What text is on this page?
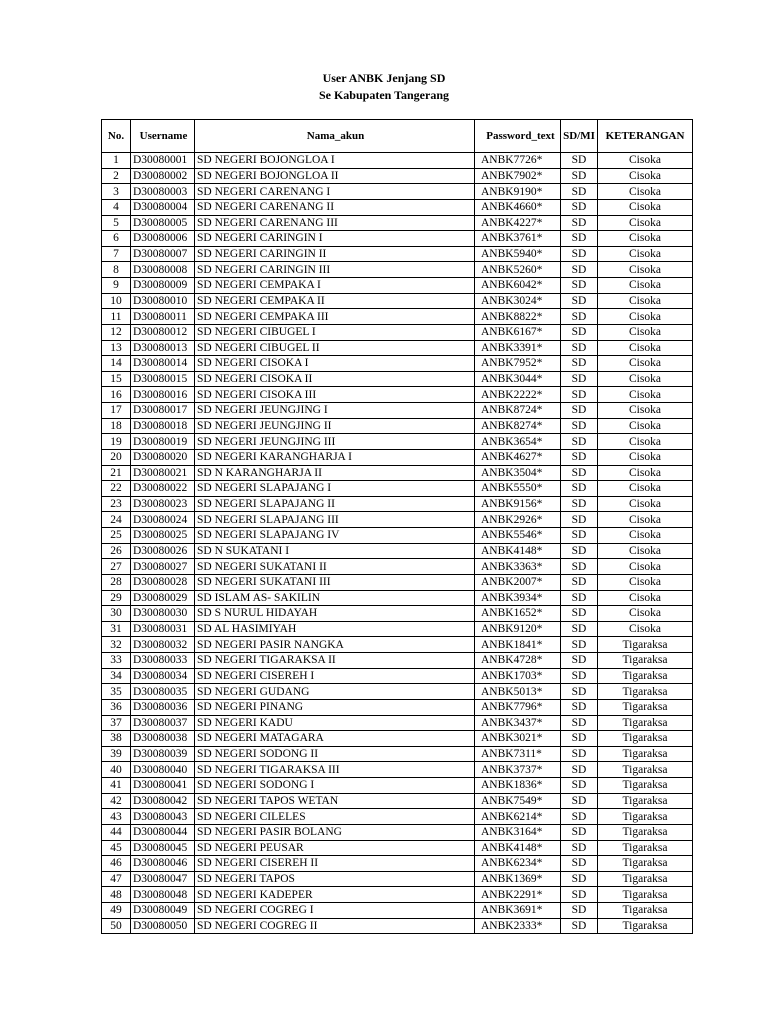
User ANBK Jenjang SD
Se Kabupaten Tangerang
No.	Username	Nama_akun	Password_text	SD/MI	KETERANGAN
1	D30080001	SD NEGERI BOJONGLOA I	ANBK7726*	SD	Cisoka
2	D30080002	SD NEGERI BOJONGLOA II	ANBK7902*	SD	Cisoka
3	D30080003	SD NEGERI CARENANG I	ANBK9190*	SD	Cisoka
4	D30080004	SD NEGERI CARENANG II	ANBK4660*	SD	Cisoka
5	D30080005	SD NEGERI CARENANG III	ANBK4227*	SD	Cisoka
6	D30080006	SD NEGERI CARINGIN I	ANBK3761*	SD	Cisoka
7	D30080007	SD NEGERI CARINGIN II	ANBK5940*	SD	Cisoka
8	D30080008	SD NEGERI CARINGIN III	ANBK5260*	SD	Cisoka
9	D30080009	SD NEGERI CEMPAKA I	ANBK6042*	SD	Cisoka
10	D30080010	SD NEGERI CEMPAKA II	ANBK3024*	SD	Cisoka
11	D30080011	SD NEGERI CEMPAKA III	ANBK8822*	SD	Cisoka
12	D30080012	SD NEGERI CIBUGEL I	ANBK6167*	SD	Cisoka
13	D30080013	SD NEGERI CIBUGEL II	ANBK3391*	SD	Cisoka
14	D30080014	SD NEGERI CISOKA I	ANBK7952*	SD	Cisoka
15	D30080015	SD NEGERI CISOKA II	ANBK3044*	SD	Cisoka
16	D30080016	SD NEGERI CISOKA III	ANBK2222*	SD	Cisoka
17	D30080017	SD NEGERI JEUNGJING I	ANBK8724*	SD	Cisoka
18	D30080018	SD NEGERI JEUNGJING II	ANBK8274*	SD	Cisoka
19	D30080019	SD NEGERI JEUNGJING III	ANBK3654*	SD	Cisoka
20	D30080020	SD NEGERI KARANGHARJA I	ANBK4627*	SD	Cisoka
21	D30080021	SD N KARANGHARJA II	ANBK3504*	SD	Cisoka
22	D30080022	SD NEGERI SLAPAJANG I	ANBK5550*	SD	Cisoka
23	D30080023	SD NEGERI SLAPAJANG II	ANBK9156*	SD	Cisoka
24	D30080024	SD NEGERI SLAPAJANG III	ANBK2926*	SD	Cisoka
25	D30080025	SD NEGERI SLAPAJANG IV	ANBK5546*	SD	Cisoka
26	D30080026	SD N SUKATANI I	ANBK4148*	SD	Cisoka
27	D30080027	SD NEGERI SUKATANI II	ANBK3363*	SD	Cisoka
28	D30080028	SD NEGERI SUKATANI III	ANBK2007*	SD	Cisoka
29	D30080029	SD ISLAM AS- SAKILIN	ANBK3934*	SD	Cisoka
30	D30080030	SD S NURUL HIDAYAH	ANBK1652*	SD	Cisoka
31	D30080031	SD AL HASIMIYAH	ANBK9120*	SD	Cisoka
32	D30080032	SD NEGERI PASIR NANGKA	ANBK1841*	SD	Tigaraksa
33	D30080033	SD NEGERI TIGARAKSA II	ANBK4728*	SD	Tigaraksa
34	D30080034	SD NEGERI CISEREH I	ANBK1703*	SD	Tigaraksa
35	D30080035	SD NEGERI GUDANG	ANBK5013*	SD	Tigaraksa
36	D30080036	SD NEGERI PINANG	ANBK7796*	SD	Tigaraksa
37	D30080037	SD NEGERI KADU	ANBK3437*	SD	Tigaraksa
38	D30080038	SD NEGERI MATAGARA	ANBK3021*	SD	Tigaraksa
39	D30080039	SD NEGERI SODONG II	ANBK7311*	SD	Tigaraksa
40	D30080040	SD NEGERI TIGARAKSA III	ANBK3737*	SD	Tigaraksa
41	D30080041	SD NEGERI SODONG I	ANBK1836*	SD	Tigaraksa
42	D30080042	SD NEGERI TAPOS WETAN	ANBK7549*	SD	Tigaraksa
43	D30080043	SD NEGERI CILELES	ANBK6214*	SD	Tigaraksa
44	D30080044	SD NEGERI PASIR BOLANG	ANBK3164*	SD	Tigaraksa
45	D30080045	SD NEGERI PEUSAR	ANBK4148*	SD	Tigaraksa
46	D30080046	SD NEGERI CISEREH II	ANBK6234*	SD	Tigaraksa
47	D30080047	SD NEGERI TAPOS	ANBK1369*	SD	Tigaraksa
48	D30080048	SD NEGERI KADEPER	ANBK2291*	SD	Tigaraksa
49	D30080049	SD NEGERI COGREG I	ANBK3691*	SD	Tigaraksa
50	D30080050	SD NEGERI COGREG II	ANBK2333*	SD	Tigaraksa
